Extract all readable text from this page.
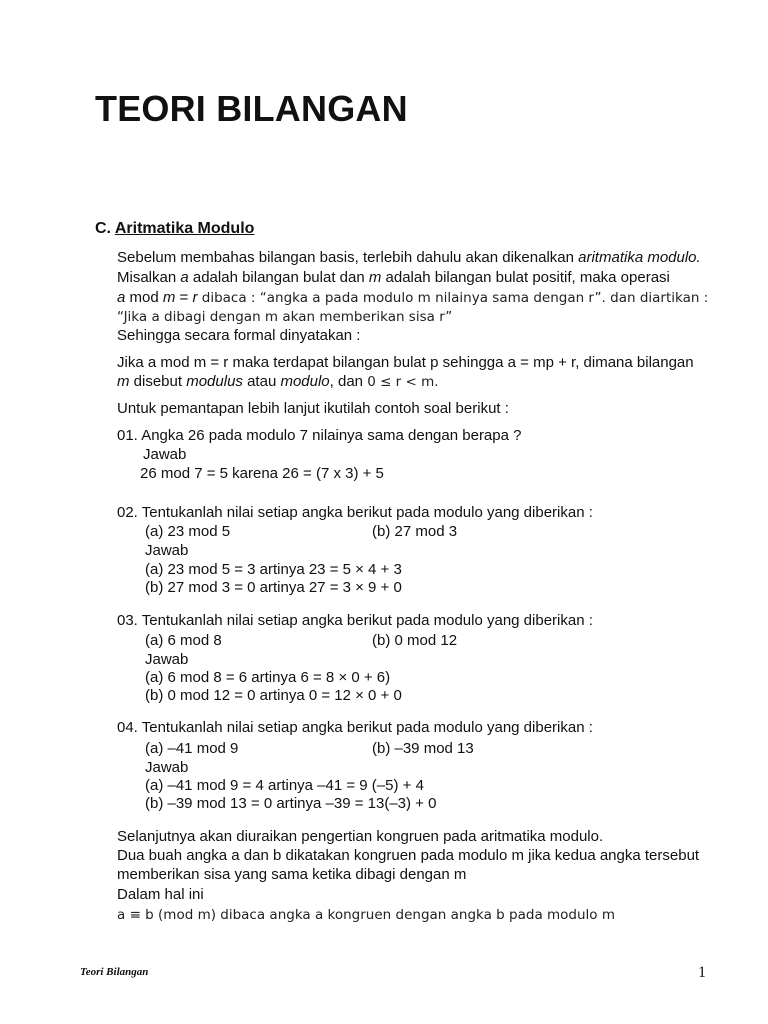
TEORI BILANGAN
C. Aritmatika Modulo
Sebelum membahas bilangan basis, terlebih dahulu akan dikenalkan aritmatika modulo.
Misalkan a adalah bilangan bulat dan m adalah bilangan bulat positif, maka operasi
a mod m = r dibaca : “angka a pada modulo m nilainya sama dengan r”. dan diartikan :
“Jika a dibagi dengan m akan memberikan sisa r”
Sehingga secara formal dinyatakan :
Jika a mod m = r maka terdapat bilangan bulat p sehingga a = mp + r, dimana bilangan
m disebut modulus atau modulo, dan 0 ≤ r < m.
Untuk pemantapan lebih lanjut ikutilah contoh soal berikut :
01. Angka 26 pada modulo 7 nilainya sama dengan berapa ?
Jawab
26 mod 7 = 5 karena 26 = (7 x 3) + 5
02. Tentukanlah nilai setiap angka berikut pada modulo yang diberikan :
(a) 23 mod 5	(b) 27 mod 3
Jawab
(a) 23 mod 5 = 3 artinya 23 = 5 × 4 + 3
(b) 27 mod 3 = 0 artinya 27 = 3 × 9 + 0
03. Tentukanlah nilai setiap angka berikut pada modulo yang diberikan :
(a) 6 mod 8	(b) 0 mod 12
Jawab
(a) 6 mod 8 = 6 artinya 6 = 8 × 0 + 6)
(b) 0 mod 12 = 0 artinya 0 = 12 × 0 + 0
04. Tentukanlah nilai setiap angka berikut pada modulo yang diberikan :
(a) –41 mod 9	(b) –39 mod 13
Jawab
(a) –41 mod 9 = 4 artinya –41 = 9 (–5) + 4
(b) –39 mod 13 = 0 artinya –39 = 13(–3) + 0
Selanjutnya akan diuraikan pengertian kongruen pada aritmatika modulo.
Dua buah angka a dan b dikatakan kongruen pada modulo m jika kedua angka tersebut
memberikan sisa yang sama ketika dibagi dengan m
Dalam hal ini
a ≡ b (mod m) dibaca angka a kongruen dengan angka b pada modulo m
Teori Bilangan	1
